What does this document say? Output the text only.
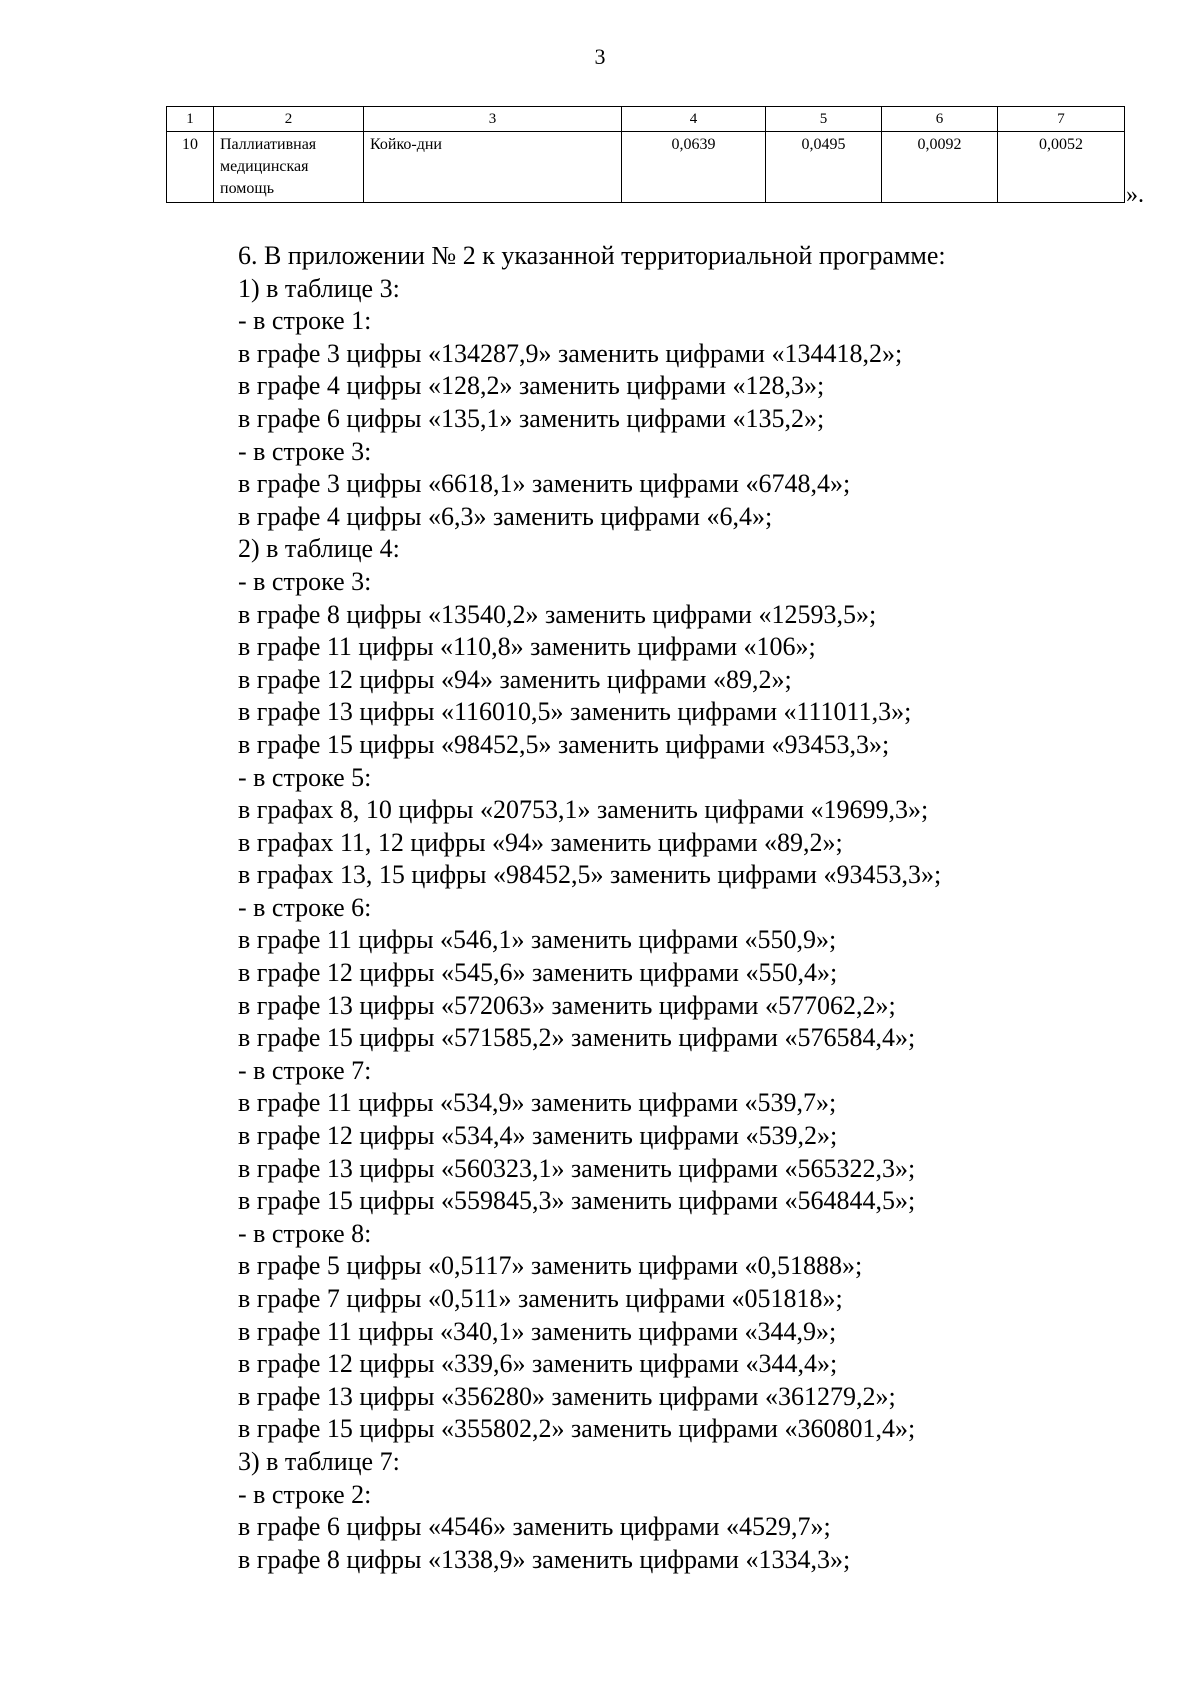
3
1	2	3	4	5	6	7
10	Паллиативная
медицинская
помощь	Койко-дни	0,0639	0,0495	0,0092	0,0052
».
6. В приложении № 2 к указанной территориальной программе:
1) в таблице 3:
- в строке 1:
в графе 3 цифры «134287,9» заменить цифрами «134418,2»;
в графе 4 цифры «128,2» заменить цифрами «128,3»;
в графе 6 цифры «135,1» заменить цифрами «135,2»;
- в строке 3:
в графе 3 цифры «6618,1» заменить цифрами «6748,4»;
в графе 4 цифры «6,3» заменить цифрами «6,4»;
2) в таблице 4:
- в строке 3:
в графе 8 цифры «13540,2» заменить цифрами «12593,5»;
в графе 11 цифры «110,8» заменить цифрами «106»;
в графе 12 цифры «94» заменить цифрами «89,2»;
в графе 13 цифры «116010,5» заменить цифрами «111011,3»;
в графе 15 цифры «98452,5» заменить цифрами «93453,3»;
- в строке 5:
в графах 8, 10 цифры «20753,1» заменить цифрами «19699,3»;
в графах 11, 12 цифры «94» заменить цифрами «89,2»;
в графах 13, 15 цифры «98452,5» заменить цифрами «93453,3»;
- в строке 6:
в графе 11 цифры «546,1» заменить цифрами «550,9»;
в графе 12 цифры «545,6» заменить цифрами «550,4»;
в графе 13 цифры «572063» заменить цифрами «577062,2»;
в графе 15 цифры «571585,2» заменить цифрами «576584,4»;
- в строке 7:
в графе 11 цифры «534,9» заменить цифрами «539,7»;
в графе 12 цифры «534,4» заменить цифрами «539,2»;
в графе 13 цифры «560323,1» заменить цифрами «565322,3»;
в графе 15 цифры «559845,3» заменить цифрами «564844,5»;
- в строке 8:
в графе 5 цифры «0,5117» заменить цифрами «0,51888»;
в графе 7 цифры «0,511» заменить цифрами «051818»;
в графе 11 цифры «340,1» заменить цифрами «344,9»;
в графе 12 цифры «339,6» заменить цифрами «344,4»;
в графе 13 цифры «356280» заменить цифрами «361279,2»;
в графе 15 цифры «355802,2» заменить цифрами «360801,4»;
3) в таблице 7:
- в строке 2:
в графе 6 цифры «4546» заменить цифрами «4529,7»;
в графе 8 цифры «1338,9» заменить цифрами «1334,3»;
